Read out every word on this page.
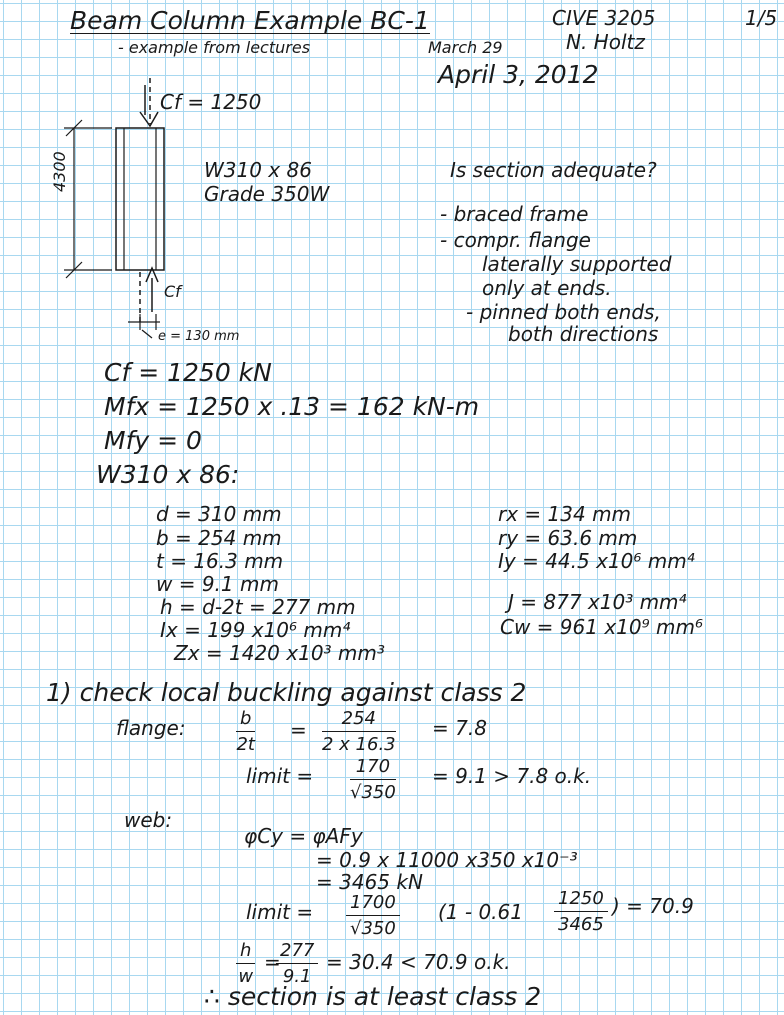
Beam Column Example BC-1
- example from lectures	March 29
April 3, 2012
CIVE 3205
N. Holtz
1/5
Cf = 1250
4300	W310 x 86
Grade 350W
Cf
e = 130 mm
Is section adequate?
- braced frame
- compr. flange
laterally supported
only at ends.
- pinned both ends,
both directions
Cf = 1250 kN
Mfx = 1250 x .13 = 162 kN-m
Mfy = 0
W310 x 86:
d = 310 mm
b = 254 mm
t = 16.3 mm
w = 9.1 mm
h = d-2t = 277 mm
Ix = 199 x10⁶ mm⁴
Zx = 1420 x10³ mm³
rx = 134 mm
ry = 63.6 mm
Iy = 44.5 x10⁶ mm⁴
J = 877 x10³ mm⁴
Cw = 961 x10⁹ mm⁶
1) check local buckling against class 2
flange:	$\frac{b}{2t} = \frac{254}{2 x 16.3} = 7.8$
limit = $\frac{170}{√350} = 9.1 > 7.8$ o.k.
web:
φCy = φAFy
= 0.9 x 11000 x350 x10⁻³
= 3465 kN
limit = $\frac{1700}{√350} (1 - 0.61 \frac{1250}{3465}$ ) = 70.9
$\frac{h}{w}$ =
$\frac{277}{9.1} = 30.4 < 70.9$ o.k.
∴ section is at least class 2
